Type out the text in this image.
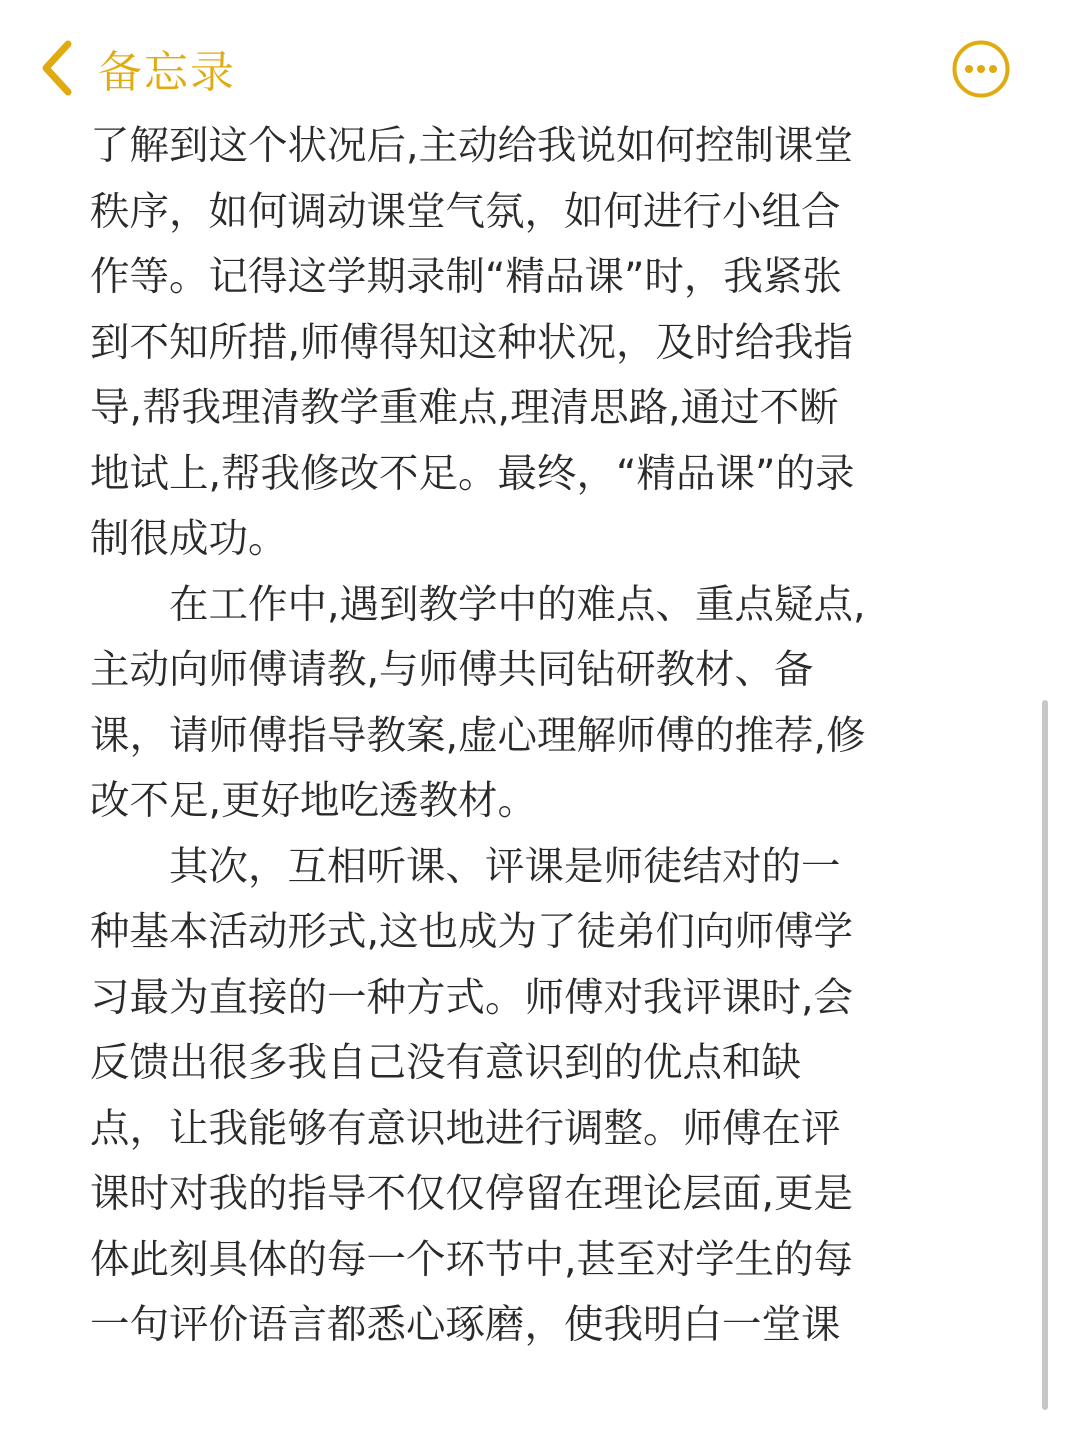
备忘录
了解到这个状况后,主动给我说如何控制课堂
秩序，如何调动课堂气氛，如何进行小组合
作等。记得这学期录制“精品课”时，我紧张
到不知所措,师傅得知这种状况，及时给我指
导,帮我理清教学重难点,理清思路,通过不断
地试上,帮我修改不足。最终，“精品课”的录
制很成功。
　　在工作中,遇到教学中的难点、重点疑点,
主动向师傅请教,与师傅共同钻研教材、备
课，请师傅指导教案,虚心理解师傅的推荐,修
改不足,更好地吃透教材。
　　其次，互相听课、评课是师徒结对的一
种基本活动形式,这也成为了徒弟们向师傅学
习最为直接的一种方式。师傅对我评课时,会
反馈出很多我自己没有意识到的优点和缺
点，让我能够有意识地进行调整。师傅在评
课时对我的指导不仅仅停留在理论层面,更是
体此刻具体的每一个环节中,甚至对学生的每
一句评价语言都悉心琢磨，使我明白一堂课
